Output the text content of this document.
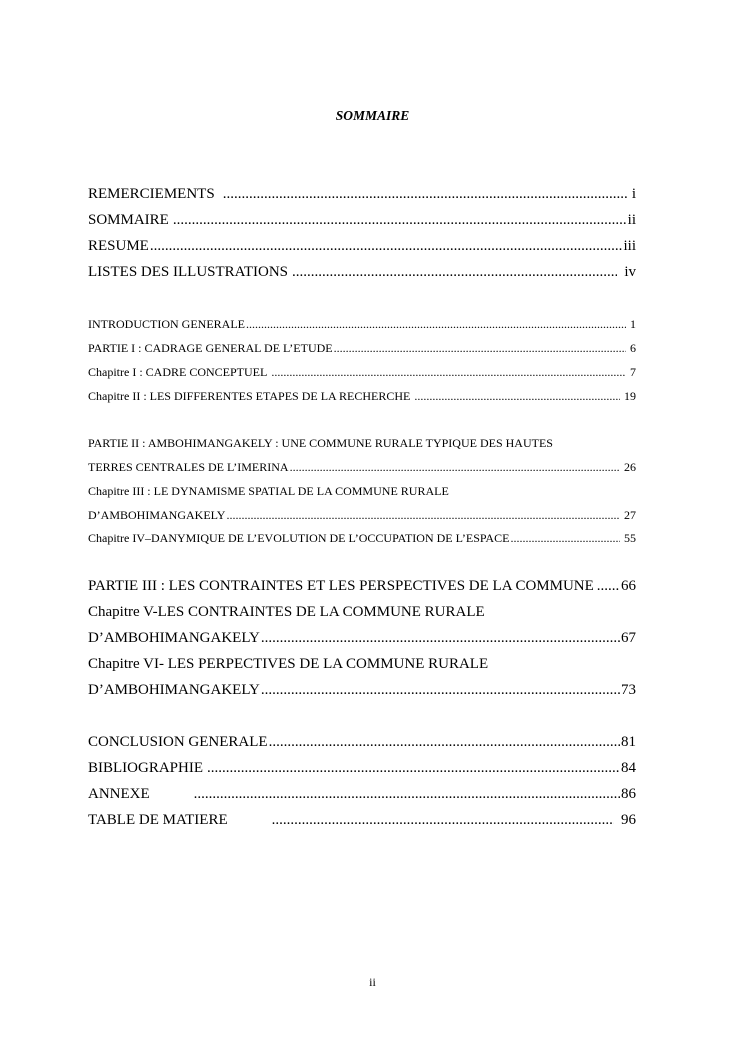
SOMMAIRE
REMERCIEMENTS .....	i
SOMMAIRE .....	ii
RESUME .....	iii
LISTES DES ILLUSTRATIONS .....	iv
INTRODUCTION GENERALE .....	1
PARTIE I : CADRAGE GENERAL DE L’ETUDE .....	6
Chapitre I : CADRE CONCEPTUEL .....	7
Chapitre II : LES DIFFERENTES ETAPES DE LA RECHERCHE .....	19
PARTIE II : AMBOHIMANGAKELY : UNE COMMUNE RURALE TYPIQUE DES HAUTES
TERRES CENTRALES DE L’IMERINA .....	26
Chapitre III : LE DYNAMISME SPATIAL DE LA COMMUNE RURALE
D’AMBOHIMANGAKELY .....	27
Chapitre IV–DANYMIQUE DE L’EVOLUTION DE L’OCCUPATION DE L’ESPACE .....	55
PARTIE III : LES CONTRAINTES ET LES PERSPECTIVES DE LA COMMUNE ..... 66
Chapitre V-LES CONTRAINTES DE LA COMMUNE RURALE
D’AMBOHIMANGAKELY .....	67
Chapitre VI- LES PERPECTIVES DE LA COMMUNE RURALE
D’AMBOHIMANGAKELY .....	73
CONCLUSION GENERALE .....	81
BIBLIOGRAPHIE .....	84
ANNEXE .....	86
TABLE DE MATIERE .....	96
ii
